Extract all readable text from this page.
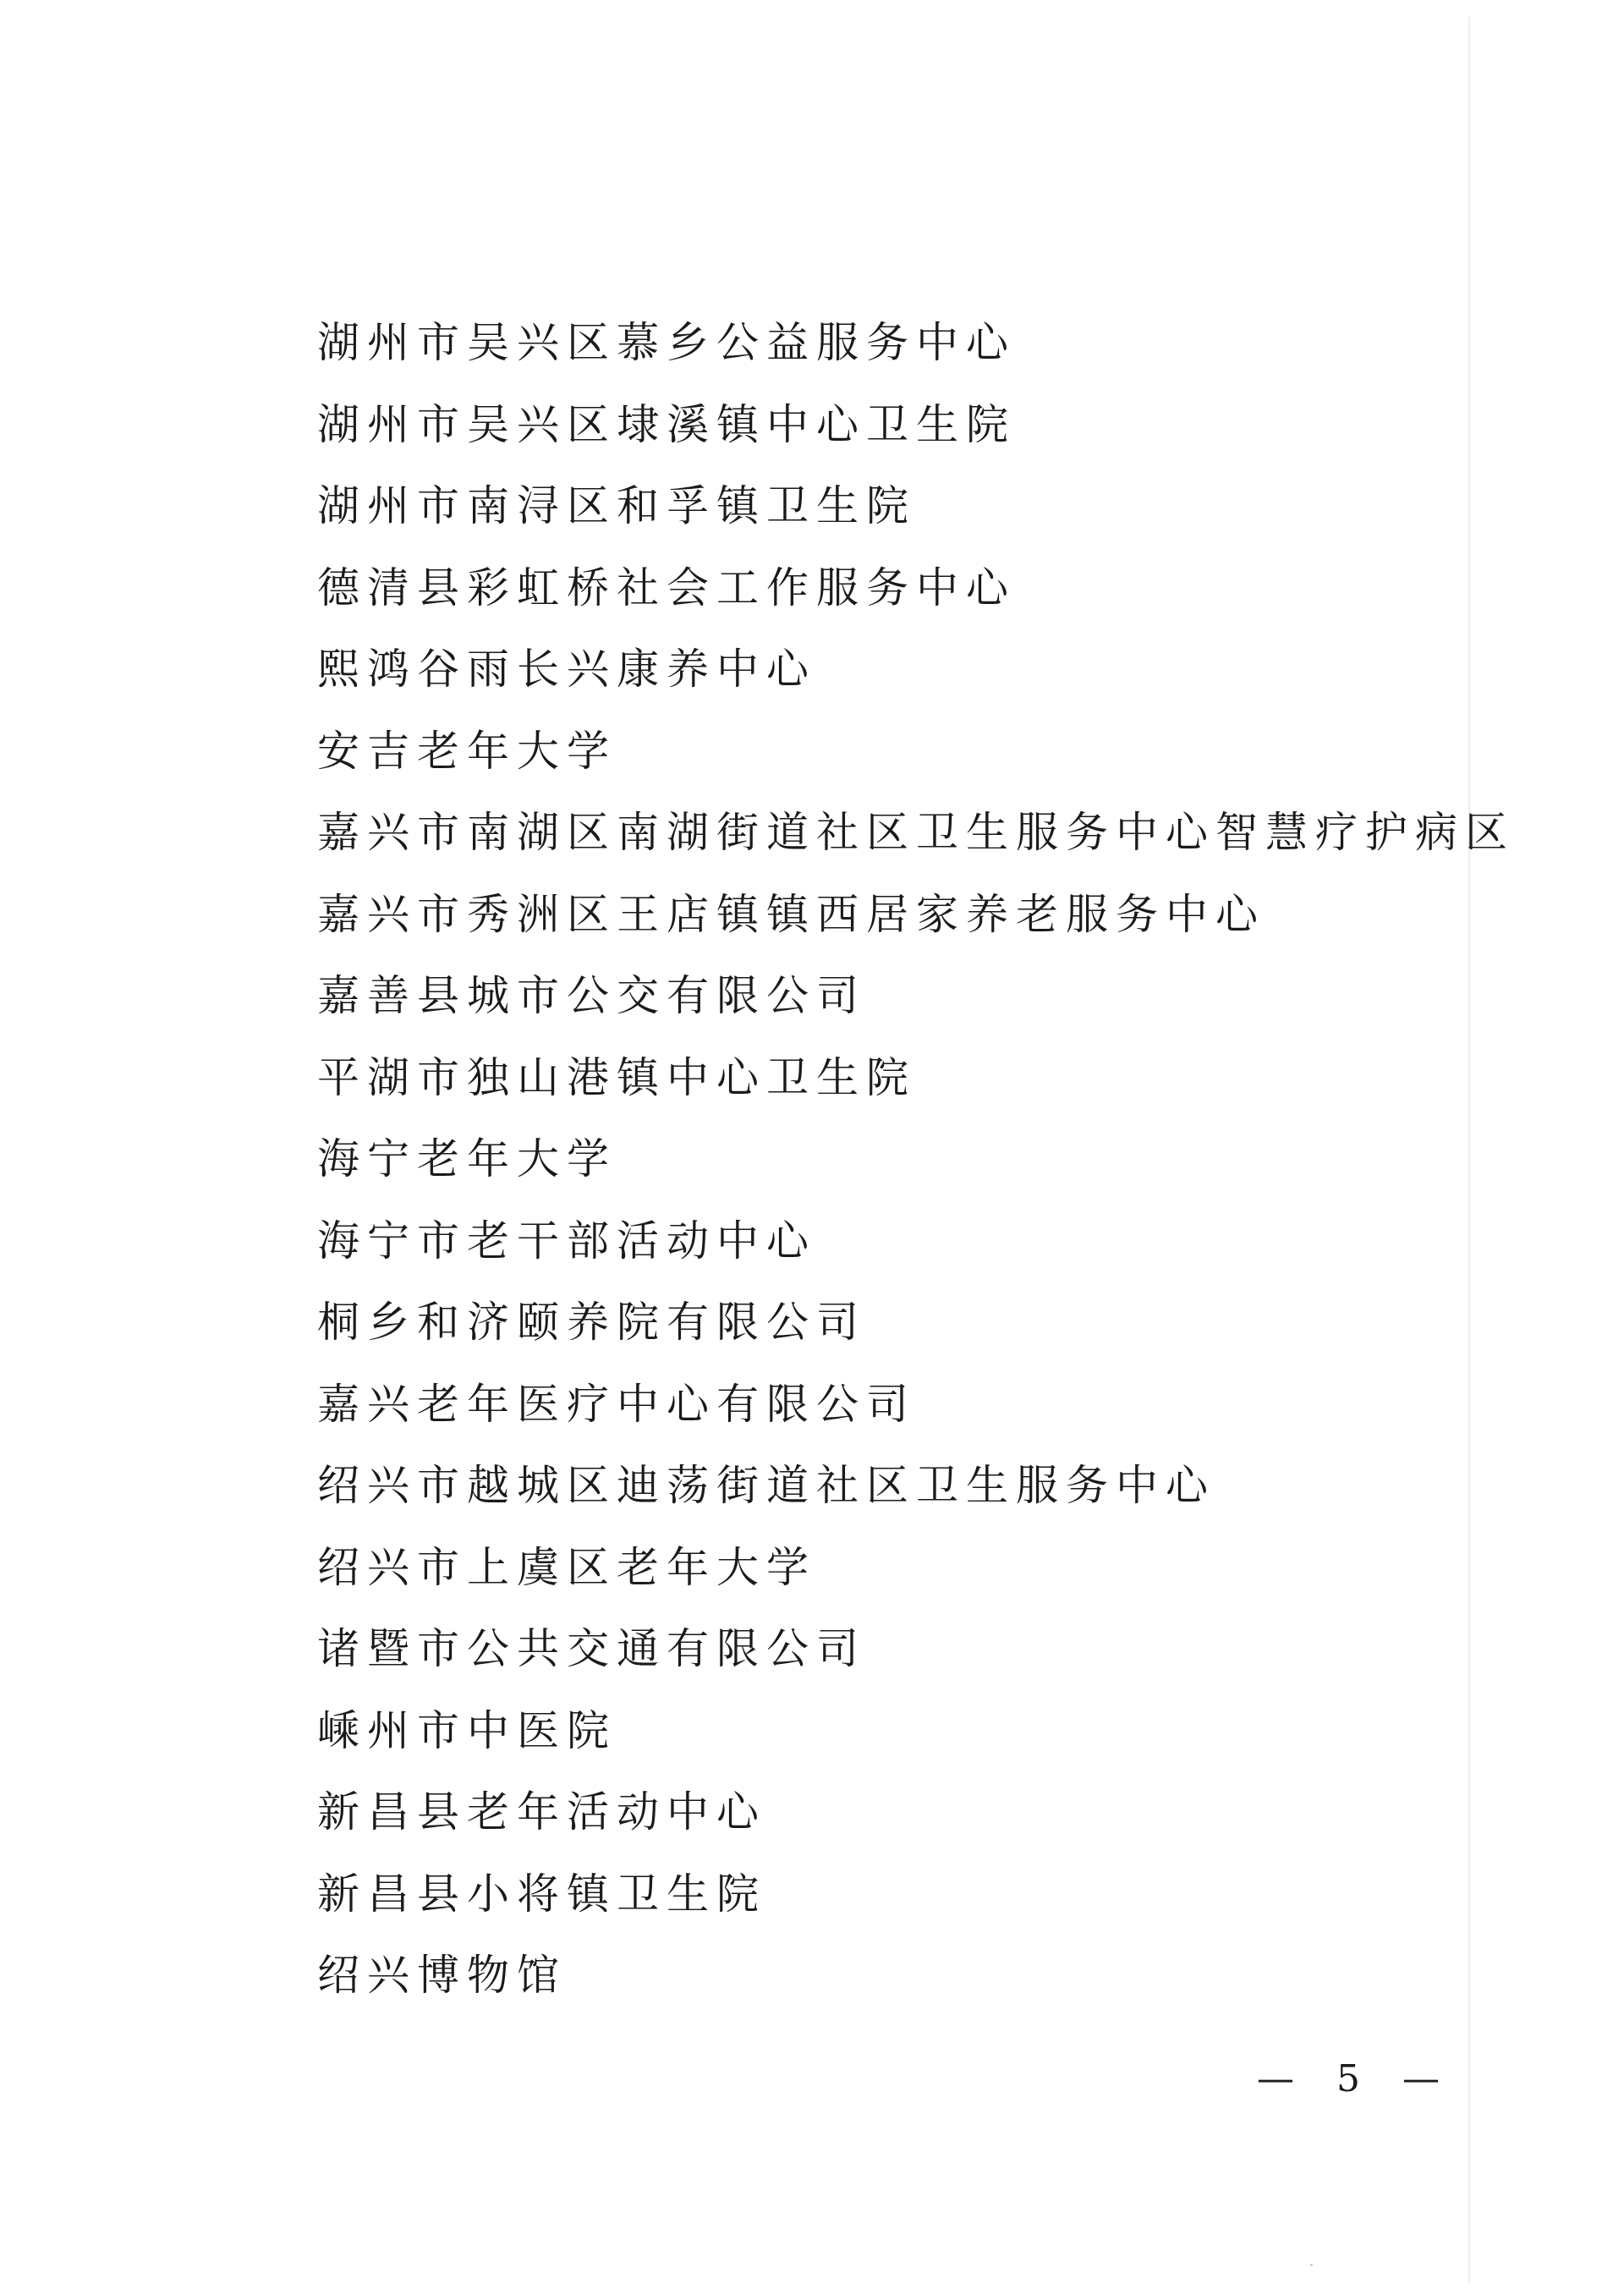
湖州市吴兴区慕乡公益服务中心
湖州市吴兴区埭溪镇中心卫生院
湖州市南浔区和孚镇卫生院
德清县彩虹桥社会工作服务中心
熙鸿谷雨长兴康养中心
安吉老年大学
嘉兴市南湖区南湖街道社区卫生服务中心智慧疗护病区
嘉兴市秀洲区王店镇镇西居家养老服务中心
嘉善县城市公交有限公司
平湖市独山港镇中心卫生院
海宁老年大学
海宁市老干部活动中心
桐乡和济颐养院有限公司
嘉兴老年医疗中心有限公司
绍兴市越城区迪荡街道社区卫生服务中心
绍兴市上虞区老年大学
诸暨市公共交通有限公司
嵊州市中医院
新昌县老年活动中心
新昌县小将镇卫生院
绍兴博物馆
— 5 —
